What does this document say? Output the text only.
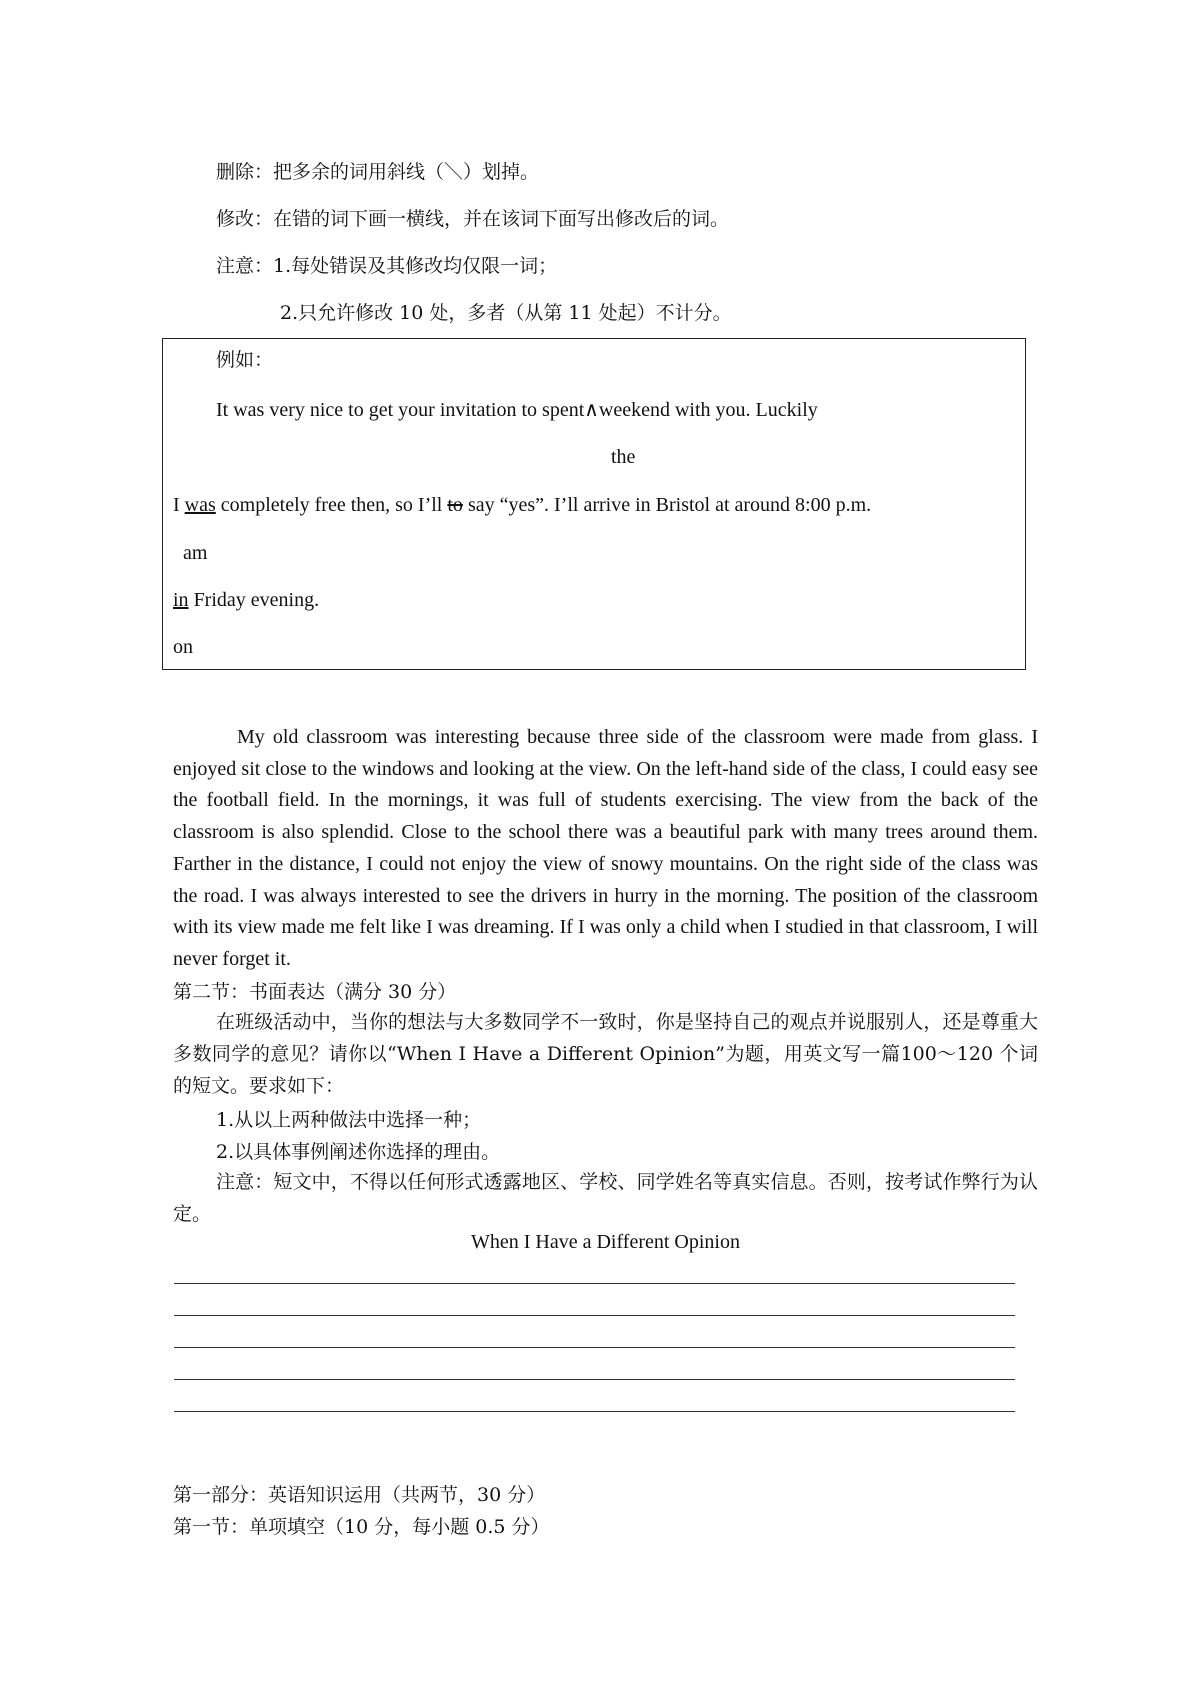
删除：把多余的词用斜线（＼）划掉。
修改：在错的词下画一横线，并在该词下面写出修改后的词。
注意：1.每处错误及其修改均仅限一词；
2.只允许修改 10 处，多者（从第 11 处起）不计分。
例如：
It was very nice to get your invitation to spent∧weekend with you. Luckily
the
I was completely free then, so I’ll to say “yes”. I’ll arrive in Bristol at around 8:00 p.m.
am
in Friday evening.
on
My old classroom was interesting because three side of the classroom were made from glass. I enjoyed sit close to the windows and looking at the view. On the left-hand side of the class, I could easy see the football field. In the mornings, it was full of students exercising. The view from the back of the classroom is also splendid. Close to the school there was a beautiful park with many trees around them. Farther in the distance, I could not enjoy the view of snowy mountains. On the right side of the class was the road. I was always interested to see the drivers in hurry in the morning. The position of the classroom with its view made me felt like I was dreaming. If I was only a child when I studied in that classroom, I will never forget it.
第二节：书面表达（满分 30 分）
在班级活动中，当你的想法与大多数同学不一致时，你是坚持自己的观点并说服别人，还是尊重大多数同学的意见？请你以“When I Have a Different Opinion”为题，用英文写一篇100～120 个词的短文。要求如下：
1.从以上两种做法中选择一种；
2.以具体事例阐述你选择的理由。
注意：短文中，不得以任何形式透露地区、学校、同学姓名等真实信息。否则，按考试作弊行为认定。
When I Have a Different Opinion
第一部分：英语知识运用（共两节，30 分）
第一节：单项填空（10 分，每小题 0.5 分）
